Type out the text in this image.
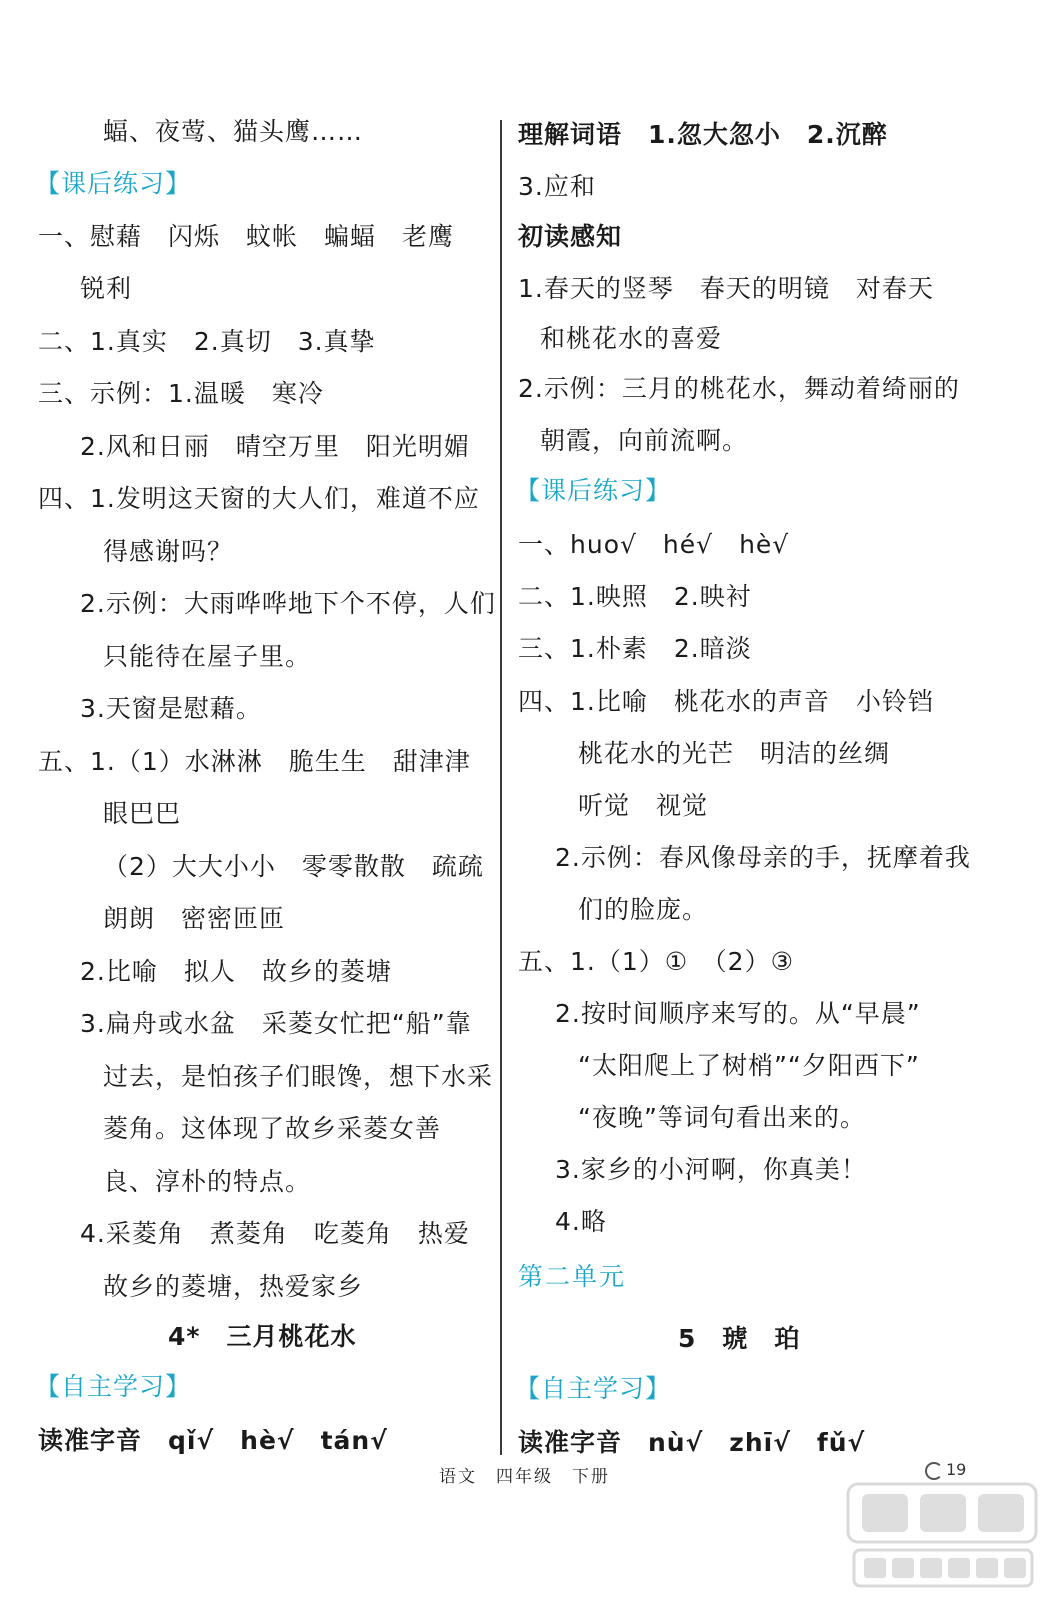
蝠、夜莺、猫头鹰……
【课后练习】
一、慰藉　闪烁　蚊帐　蝙蝠　老鹰
锐利
二、1.真实　2.真切　3.真挚
三、示例：1.温暖　寒冷
2.风和日丽　晴空万里　阳光明媚
四、1.发明这天窗的大人们，难道不应
得感谢吗？
2.示例：大雨哗哗地下个不停，人们
只能待在屋子里。
3.天窗是慰藉。
五、1.（1）水淋淋　脆生生　甜津津
眼巴巴
（2）大大小小　零零散散　疏疏
朗朗　密密匝匝
2.比喻　拟人　故乡的菱塘
3.扁舟或水盆　采菱女忙把“船”靠
过去，是怕孩子们眼馋，想下水采
菱角。这体现了故乡采菱女善
良、淳朴的特点。
4.采菱角　煮菱角　吃菱角　热爱
故乡的菱塘，热爱家乡
4*　三月桃花水
【自主学习】
读准字音　qǐ√　hè√　tán√
理解词语　1.忽大忽小　2.沉醉
3.应和
初读感知
1.春天的竖琴　春天的明镜　对春天
和桃花水的喜爱
2.示例：三月的桃花水，舞动着绮丽的
朝霞，向前流啊。
【课后练习】
一、huo√　hé√　hè√
二、1.映照　2.映衬
三、1.朴素　2.暗淡
四、1.比喻　桃花水的声音　小铃铛
桃花水的光芒　明洁的丝绸
听觉　视觉
2.示例：春风像母亲的手，抚摩着我
们的脸庞。
五、1.（1）①　（2）③
2.按时间顺序来写的。从“早晨”
“太阳爬上了树梢”“夕阳西下”
“夜晚”等词句看出来的。
3.家乡的小河啊，你真美！
4.略
第二单元
5　琥　珀
【自主学习】
读准字音　nù√　zhī√　fǔ√
语文　四年级　下册	19
